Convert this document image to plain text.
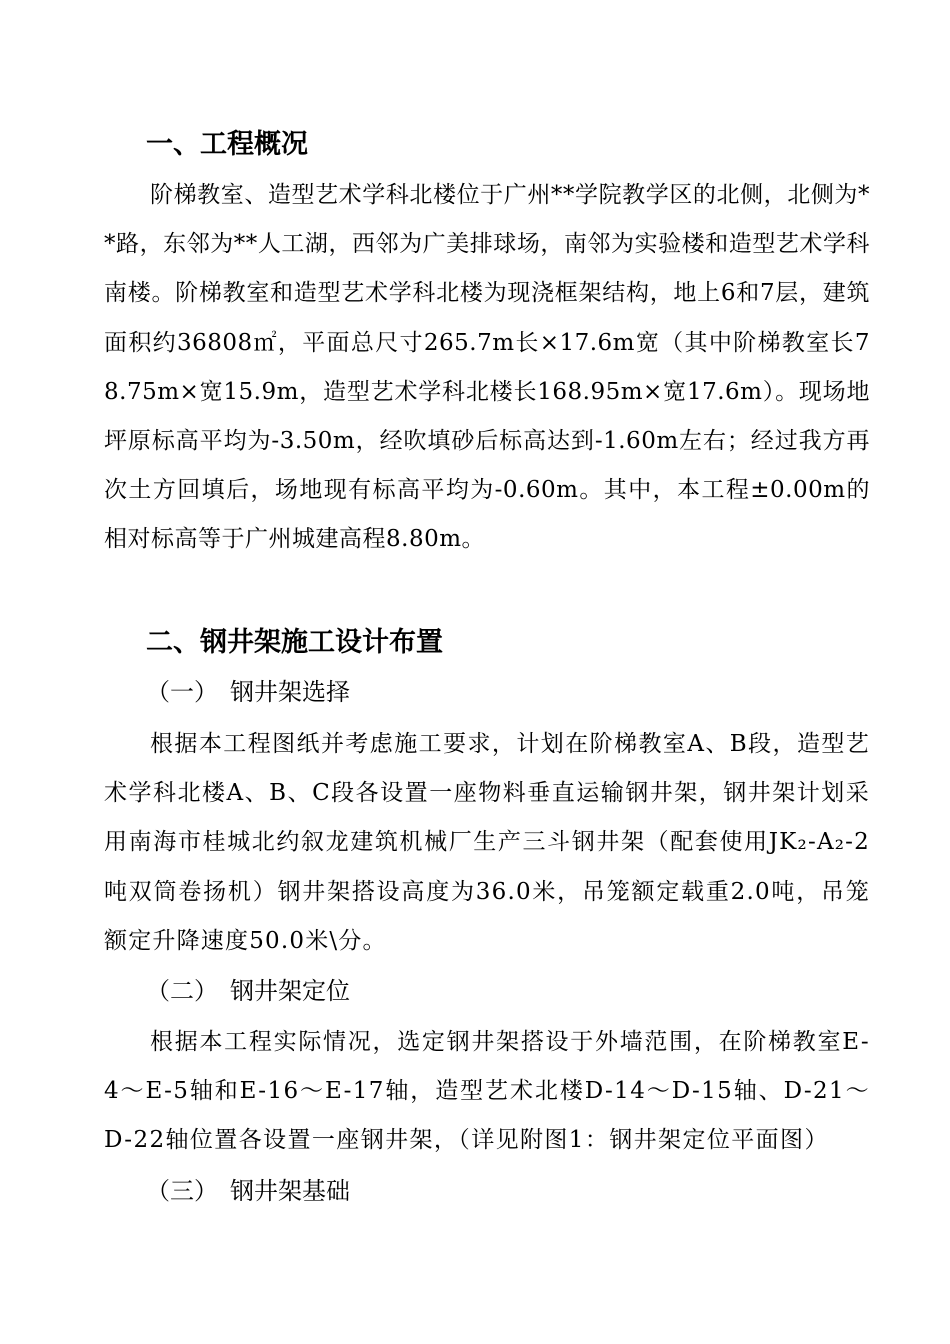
一、工程概况
阶梯教室、造型艺术学科北楼位于广州**学院教学区的北侧，北侧为**路，东邻为**人工湖，西邻为广美排球场，南邻为实验楼和造型艺术学科南楼。阶梯教室和造型艺术学科北楼为现浇框架结构，地上6和7层，建筑面积约36808㎡，平面总尺寸265.7m长×17.6m宽（其中阶梯教室长78.75m×宽15.9m，造型艺术学科北楼长168.95m×宽17.6m）。现场地坪原标高平均为-3.50m，经吹填砂后标高达到-1.60m左右；经过我方再次土方回填后，场地现有标高平均为-0.60m。其中，本工程±0.00m的相对标高等于广州城建高程8.80m。
二、钢井架施工设计布置
（一）　钢井架选择
根据本工程图纸并考虑施工要求，计划在阶梯教室A、B段，造型艺术学科北楼A、B、C段各设置一座物料垂直运输钢井架，钢井架计划采用南海市桂城北约叙龙建筑机械厂生产三斗钢井架（配套使用JK₂-A₂-2吨双筒卷扬机）钢井架搭设高度为36.0米，吊笼额定载重2.0吨，吊笼额定升降速度50.0米\分。
（二）　钢井架定位
根据本工程实际情况，选定钢井架搭设于外墙范围，在阶梯教室E-4～E-5轴和E-16～E-17轴，造型艺术北楼D-14～D-15轴、D-21～D-22轴位置各设置一座钢井架，（详见附图1：钢井架定位平面图）
（三）　钢井架基础
